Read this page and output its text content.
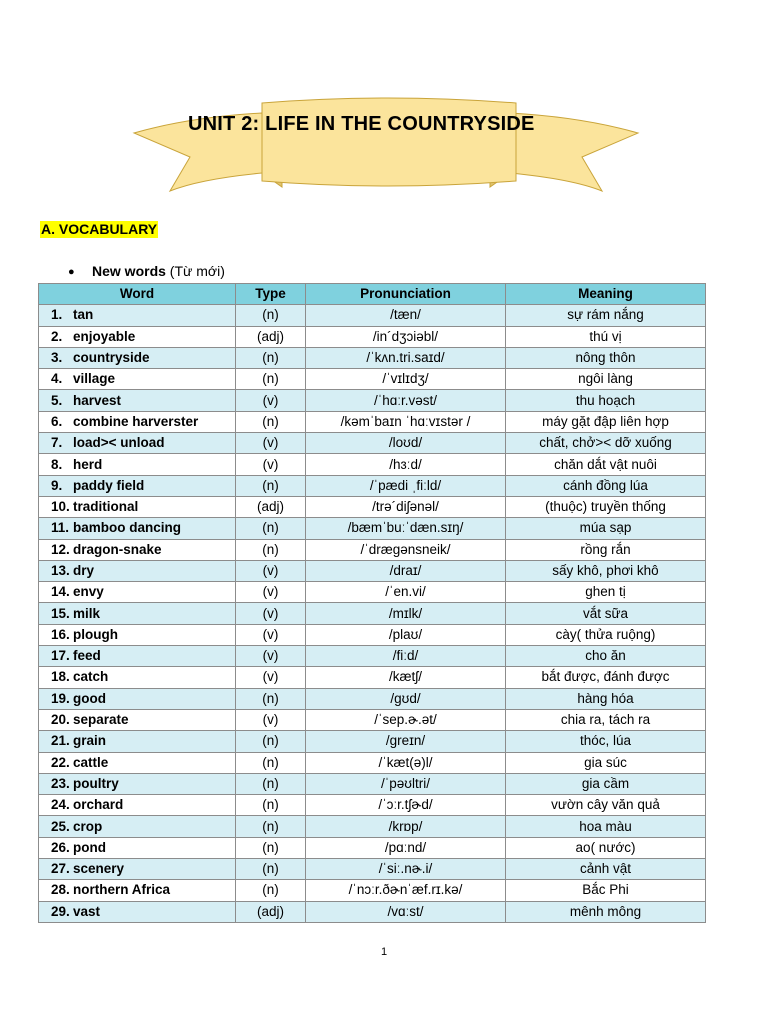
UNIT 2: LIFE IN THE COUNTRYSIDE
A. VOCABULARY
● New words (Từ mới)
Word	Type	Pronunciation	Meaning
1. tan	(n)	/tæn/	sự rám nắng
2. enjoyable	(adj)	/in´dʒɔiəbl/	thú vị
3. countryside	(n)	/ˈkʌn.tri.saɪd/	nông thôn
4. village	(n)	/ˈvɪlɪdʒ/	ngôi làng
5. harvest	(v)	/ˈhɑːr.vəst/	thu hoạch
6. combine harverster	(n)	/kəmˈbaɪn ˈhɑːvɪstər /	máy gặt đập liên hợp
7. load>< unload	(v)	/loʊd/	chất, chở>< dỡ xuống
8. herd	(v)	/hɜːd/	chăn dắt vật nuôi
9. paddy field	(n)	/ˈpædi ˌfiːld/	cánh đồng lúa
10. traditional	(adj)	/trə´diʃənəl/	(thuộc) truyền thống
11. bamboo dancing	(n)	/bæmˈbuːˈdæn.sɪŋ/	múa sạp
12. dragon-snake	(n)	/ˈdrægənsneik/	rồng rắn
13. dry	(v)	/draɪ/	sấy khô, phơi khô
14. envy	(v)	/ˈen.vi/	ghen tị
15. milk	(v)	/mɪlk/	vắt sữa
16. plough	(v)	/plaʊ/	cày( thửa ruộng)
17. feed	(v)	/fiːd/	cho ăn
18. catch	(v)	/kætʃ/	bắt được, đánh được
19. good	(n)	/gʊd/	hàng hóa
20. separate	(v)	/ˈsep.ɚ.ət/	chia ra, tách ra
21. grain	(n)	/ɡreɪn/	thóc, lúa
22. cattle	(n)	/ˈkæt(ə)l/	gia súc
23. poultry	(n)	/ˈpəʊltri/	gia cầm
24. orchard	(n)	/ˈɔːr.tʃɚd/	vườn cây văn quả
25. crop	(n)	/krɒp/	hoa màu
26. pond	(n)	/pɑːnd/	ao( nước)
27. scenery	(n)	/ˈsiː.nɚ.i/	cảnh vật
28. northern Africa	(n)	/ˈnɔːr.ðɚnˈæf.rɪ.kə/	Bắc Phi
29. vast	(adj)	/vɑːst/	mênh mông
1
